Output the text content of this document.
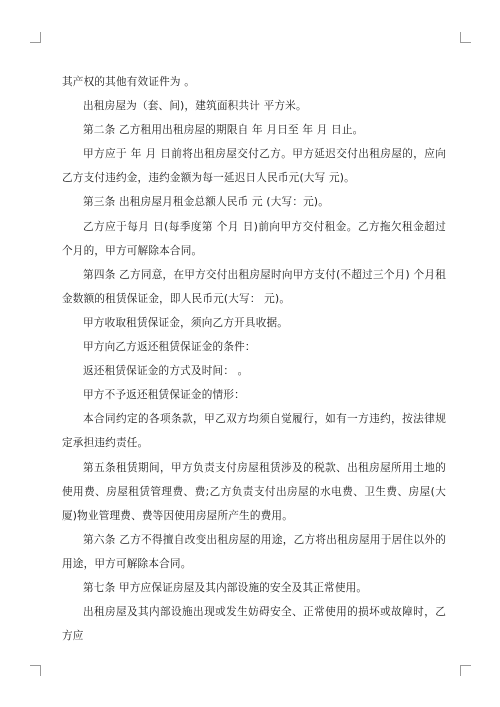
其产权的其他有效证件为 。

出租房屋为（套、间)，建筑面积共计 平方米。

第二条 乙方租用出租房屋的期限自 年 月日至 年 月 日止。

甲方应于 年 月 日前将出租房屋交付乙方。甲方延迟交付出租房屋的，应向乙方支付违约金，违约金额为每一延迟日人民币元(大写 元)。

第三条 出租房屋月租金总额人民币 元 (大写：元)。

乙方应于每月 日(每季度第 个月 日)前向甲方交付租金。乙方拖欠租金超过 个月的，甲方可解除本合同。

第四条 乙方同意，在甲方交付出租房屋时向甲方支付(不超过三个月) 个月租金数额的租赁保证金，即人民币元(大写： 元)。

甲方收取租赁保证金，须向乙方开具收据。

甲方向乙方返还租赁保证金的条件：

返还租赁保证金的方式及时间： 。

甲方不予返还租赁保证金的情形：

本合同约定的各项条款，甲乙双方均须自觉履行，如有一方违约，按法律规定承担违约责任。

第五条租赁期间，甲方负责支付房屋租赁涉及的税款、出租房屋所用土地的使用费、房屋租赁管理费、费;乙方负责支付出房屋的水电费、卫生费、房屋(大厦)物业管理费、费等因使用房屋所产生的费用。

第六条 乙方不得擅自改变出租房屋的用途，乙方将出租房屋用于居住以外的用途，甲方可解除本合同。

第七条 甲方应保证房屋及其内部设施的安全及其正常使用。

出租房屋及其内部设施出现或发生妨碍安全、正常使用的损坏或故障时，乙方应
